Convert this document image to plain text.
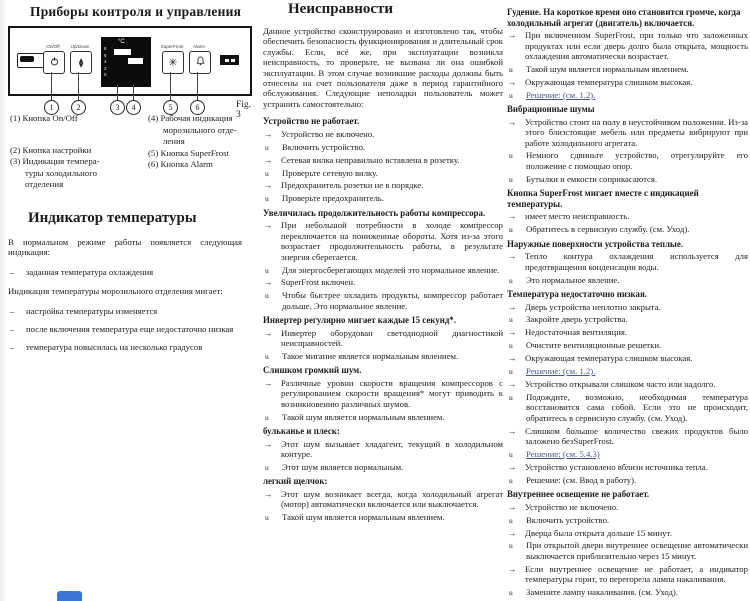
Приборы контроля и управления
On/Off	Up/Down
▲
▼
°C
8
6
4
2
0
SuperFrost
✳
Alarm
1	2	3	4	5	6	Fig. 3
(1) Кнопка On/Off
(2) Кнопка настройки
(3) Индикация темпера-
туры холодильного
отделения
(4) Рабочая индикация
морозильного отде-
ления
(5) Кнопка SuperFrost
(6) Кнопка Alarm
Индикатор температуры

В нормальном режиме работы появляется следующая индикация:

–	заданная температура охлаждения

Индикация температуры морозильного отделения мигает:

–	настройка температуры изменяется
–	после включения температура еще недостаточно низкая
–	температура повысилась на несколько градусов
Неисправности

Данное устройство сконструировано и изготовлено так, чтобы обеспечить безопасность функционирования и длительный срок службы. Если, всё же, при эксплуатации возникла неисправность, то проверьте, не вызвана ли она ошибкой эксплуатации. В этом случае возникшие расходы должны быть отнесены на счет пользователя даже в период гарантийного обслуживания. Следующие неполадки пользователь может устранить самостоятельно:

Устройство не работает.
→ Устройство не включено.
u	Включить устройство.
→ Сетевая вилка неправильно вставлена в розетку.
u	Проверьте сетевую вилку.
→ Предохранитель розетки не в порядке.
u	Проверьте предохранитель.
Увеличилась продолжительность работы компрессора.
→ При небольшой потребности в холоде компрессор переключается на пониженные обороты. Хотя из-за этого возрастает продолжительность работы, в результате энергия сберегается.
u	Для энергосберегающих моделей это нормальное явление.
→ SuperFrost включен.
u	Чтобы быстрее охладить продукты, компрессор работает дольше. Это нормальное явление.
Инвертер регулярно мигает каждые 15 секунд*.
→ Инвертер оборудован светодиодной диагностикой неисправностей.
u	Такое мигание является нормальным явлением.
Слишком громкий шум.
→ Различные уровни скорости вращения компрессоров с регулированием скорости вращения* могут приводить к возникновению различных шумов.
u	Такой шум является нормальным явлением.
бульканье и плеск:
→ Этот шум вызывает хладагент, текущий в холодильном контуре.
u	Этот шум является нормальным.
легкий щелчок:
→ Этот шум возникает всегда, когда холодильный агрегат (мотор) автоматически включается или выключается.
u	Такой шум является нормальным явлением.
Гудение. На короткое время оно становится громче, когда холодильный агрегат (двигатель) включается.
→ При включенном SuperFrost, при только что заложенных продуктах или если дверь долго была открыта, мощность охлаждения автоматически возрастает.
u	Такой шум является нормальным явлением.
→ Окружающая температура слишком высокая.
u	Решение: (см. 1.2).
Вибрационные шумы
→ Устройство стоит на полу в неустойчивом положении. Из-за этого близстоящие мебель или предметы вибрируют при работе холодильного агрегата.
u	Немного сдвиньте устройство, отрегулируйте его положение с помощью опор.
u	Бутылки и емкости соприкасаются.
Кнопка SuperFrost мигает вместе с индикацией температуры.
→ имеет место неисправность.
u	Обратитесь в сервисную службу. (см. Уход).
Наружные поверхности устройства теплые.
→ Тепло контура охлаждения используется для предотвращения конденсации воды.
u	Это нормальное явление.
Температура недостаточно низкая.
→ Дверь устройства неплотно закрыта.
u	Закройте дверь устройства.
→ Недостаточная вентиляция.
u	Очистите вентиляционные решетки.
→ Окружающая температура слишком высокая.
u	Решение: (см. 1.2).
→ Устройство открывали слишком часто или надолго.
u	Подождите, возможно, необходимая температура восстановится сама собой. Если это не происходит, обратитесь в сервисную службу. (см. Уход).
→ Слишком большое количество свежих продуктов было заложено безSuperFrost.
u	Решение: (см. 5.4.3)
→ Устройство установлено вблизи источника тепла.
u	Решение: (см. Ввод в работу).
Внутреннее освещение не работает.
→ Устройство не включено.
u	Включить устройство.
→ Дверца была открыта дольше 15 минут.
u	При открытой двери внутреннее освещение автоматически выключается приблизительно через 15 минут.
→ Если внутреннее освещение не работает, а индикатор температуры горит, то перегорела лампа накаливания.
u	Замените лампу накаливания. (см. Уход).
